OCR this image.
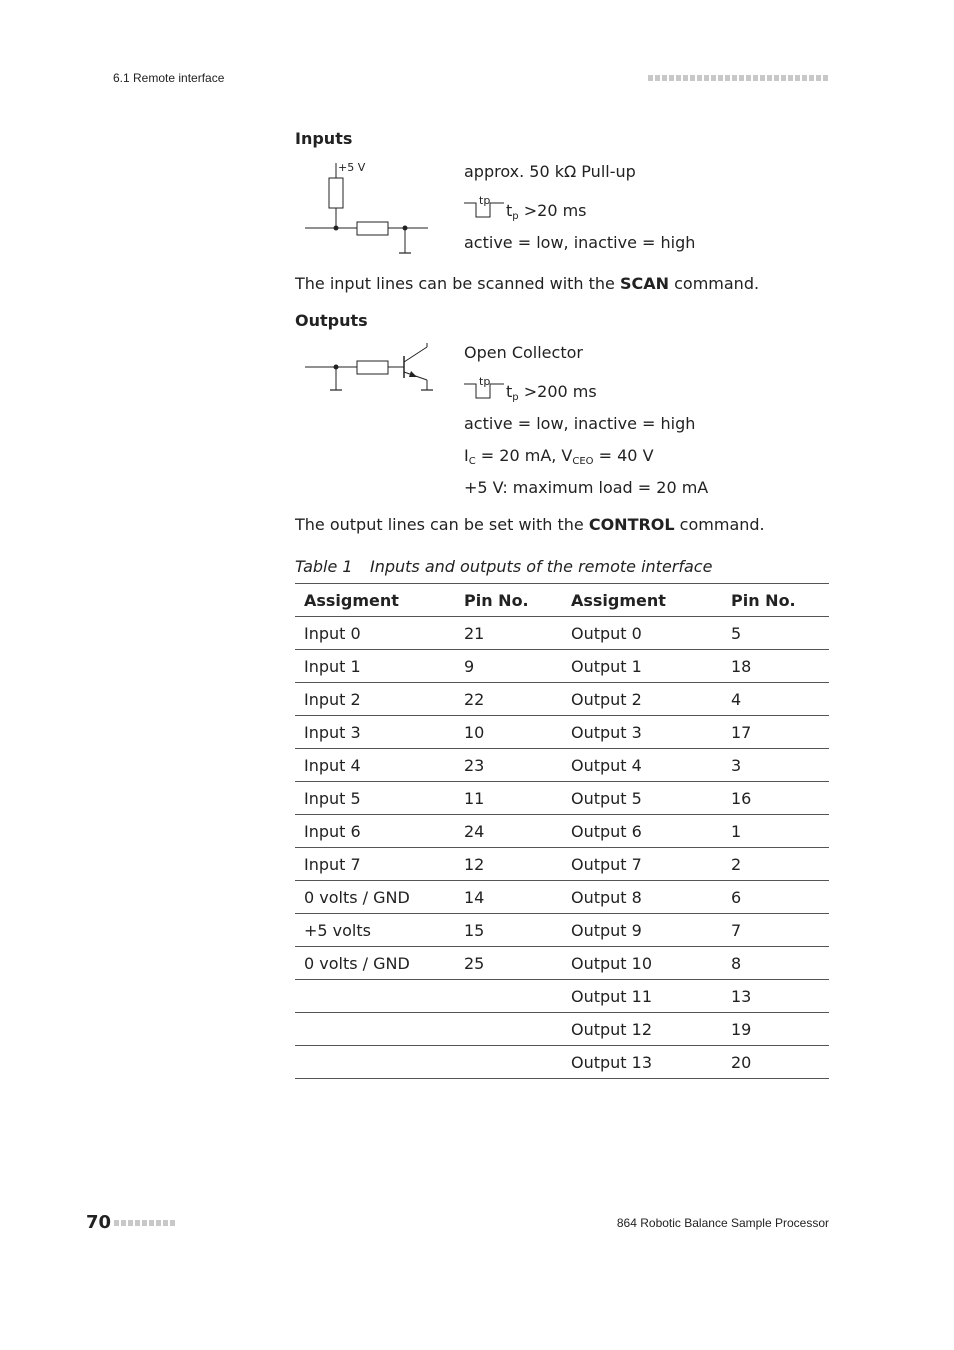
6.1 Remote interface
Inputs
+5 V	approx. 50 kΩ Pull-up
tp
$t_p >20$ ms
active = low, inactive = high
The input lines can be scanned with the SCAN command.
Outputs
Open Collector
tp
$t_p >200$ ms
active = low, inactive = high
$I_C = 20$ mA, $V_{CEO} = 40$ V
+5 V: maximum load = 20 mA
The output lines can be set with the CONTROL command.
Table 1 Inputs and outputs of the remote interface
Assigment	Pin No.	Assigment	Pin No.
Input 0	21	Output 0	5
Input 1	9	Output 1	18
Input 2	22	Output 2	4
Input 3	10	Output 3	17
Input 4	23	Output 4	3
Input 5	11	Output 5	16
Input 6	24	Output 6	1
Input 7	12	Output 7	2
0 volts / GND	14	Output 8	6
+5 volts	15	Output 9	7
0 volts / GND	25	Output 10	8
		Output 11	13
		Output 12	19
		Output 13	20
70	864 Robotic Balance Sample Processor
